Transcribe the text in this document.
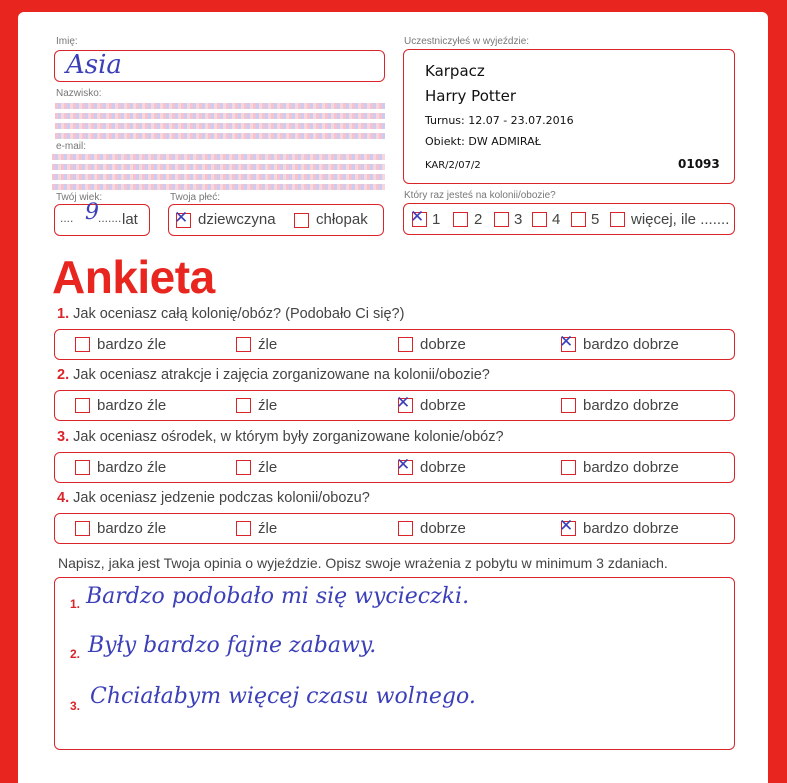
Imię:
Asia
Nazwisko:
e-mail:
Twój wiek:
.... 9 ....... lat
Twoja płeć:
✕
dziewczyna	chłopak
Uczestniczyłeś w wyjeździe:
Karpacz
Harry Potter
Turnus: 12.07 - 23.07.2016
Obiekt: DW ADMIRAŁ
KAR/2/07/2	01093
Który raz jesteś na kolonii/obozie?
✕
1 2 3 4 5 więcej, ile .......
Ankieta
1. Jak oceniasz całą kolonię/obóz? (Podobało Ci się?)
bardzo źle	źle	dobrze ✕	bardzo dobrze
2. Jak oceniasz atrakcje i zajęcia zorganizowane na kolonii/obozie?
bardzo źle	źle ✕	dobrze	bardzo dobrze
3. Jak oceniasz ośrodek, w którym były zorganizowane kolonie/obóz?
bardzo źle	źle ✕	dobrze	bardzo dobrze
4. Jak oceniasz jedzenie podczas kolonii/obozu?
bardzo źle	źle	dobrze ✕	bardzo dobrze
Napisz, jaka jest Twoja opinia o wyjeździe. Opisz swoje wrażenia z pobytu w minimum 3 zdaniach.
1. Bardzo podobało mi się wycieczki.
2. Były bardzo fajne zabawy.
3. Chciałabym więcej czasu wolnego.
